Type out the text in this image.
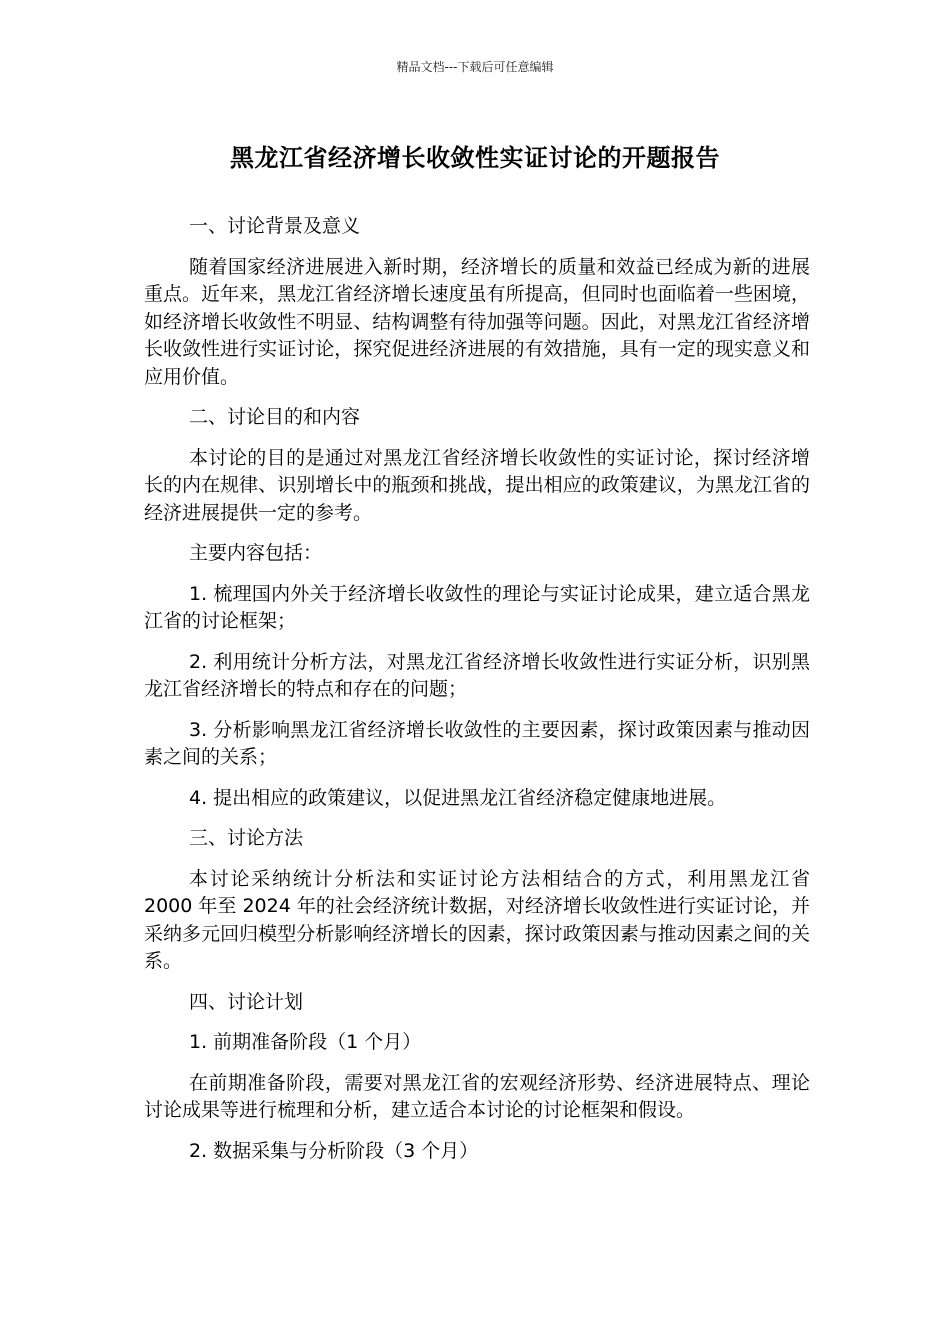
精品文档---下载后可任意编辑
黑龙江省经济增长收敛性实证讨论的开题报告

一、讨论背景及意义

随着国家经济进展进入新时期，经济增长的质量和效益已经成为新的进展重点。近年来，黑龙江省经济增长速度虽有所提高，但同时也面临着一些困境，如经济增长收敛性不明显、结构调整有待加强等问题。因此，对黑龙江省经济增长收敛性进行实证讨论，探究促进经济进展的有效措施，具有一定的现实意义和应用价值。

二、讨论目的和内容

本讨论的目的是通过对黑龙江省经济增长收敛性的实证讨论，探讨经济增长的内在规律、识别增长中的瓶颈和挑战，提出相应的政策建议，为黑龙江省的经济进展提供一定的参考。

主要内容包括：

1. 梳理国内外关于经济增长收敛性的理论与实证讨论成果，建立适合黑龙江省的讨论框架；

2. 利用统计分析方法，对黑龙江省经济增长收敛性进行实证分析，识别黑龙江省经济增长的特点和存在的问题；

3. 分析影响黑龙江省经济增长收敛性的主要因素，探讨政策因素与推动因素之间的关系；

4. 提出相应的政策建议，以促进黑龙江省经济稳定健康地进展。

三、讨论方法

本讨论采纳统计分析法和实证讨论方法相结合的方式，利用黑龙江省 2000 年至 2024 年的社会经济统计数据，对经济增长收敛性进行实证讨论，并采纳多元回归模型分析影响经济增长的因素，探讨政策因素与推动因素之间的关系。

四、讨论计划

1. 前期准备阶段（1 个月）

在前期准备阶段，需要对黑龙江省的宏观经济形势、经济进展特点、理论讨论成果等进行梳理和分析，建立适合本讨论的讨论框架和假设。

2. 数据采集与分析阶段（3 个月）
